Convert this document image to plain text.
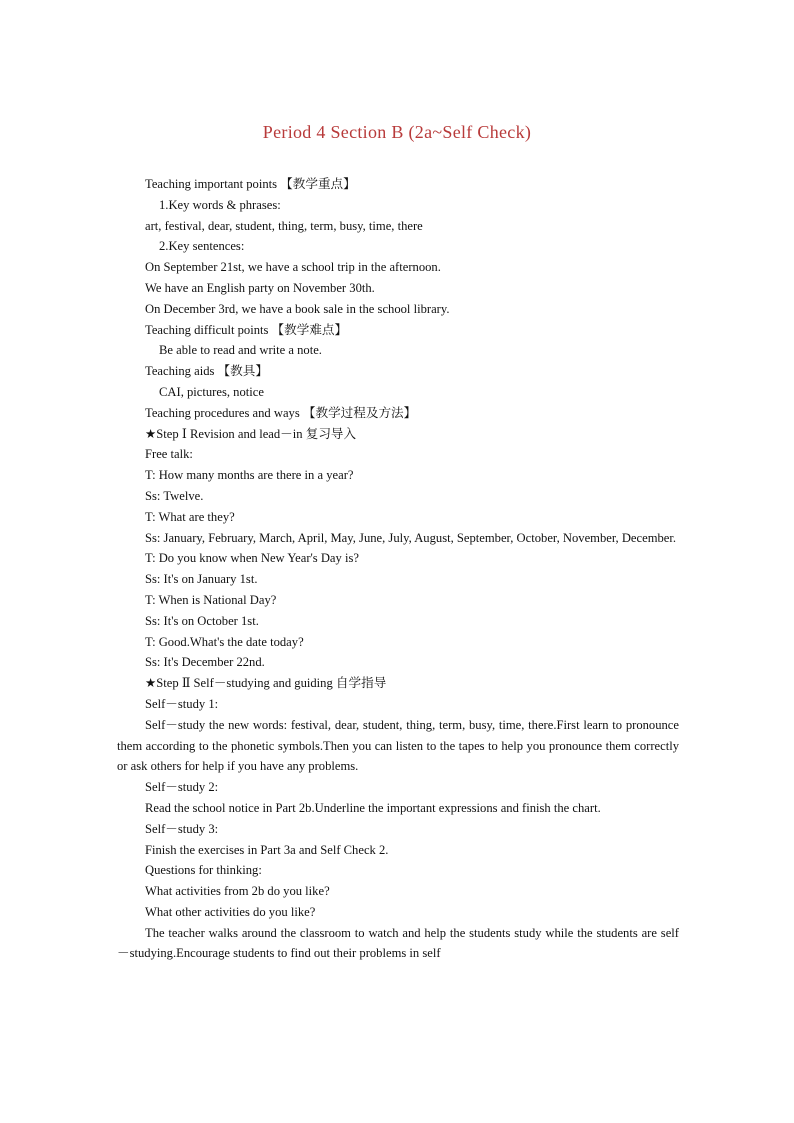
Period 4 Section B (2a~Self Check)

Teaching important points 【教学重点】

1.Key words & phrases:

art, festival, dear, student, thing, term, busy, time, there

2.Key sentences:

On September 21st, we have a school trip in the afternoon.

We have an English party on November 30th.

On December 3rd, we have a book sale in the school library.

Teaching difficult points 【教学难点】

Be able to read and write a note.

Teaching aids 【教具】

CAI, pictures, notice

Teaching procedures and ways 【教学过程及方法】

★Step Ⅰ Revision and lead－in 复习导入

Free talk:

T: How many months are there in a year?

Ss: Twelve.

T: What are they?

Ss: January, February, March, April, May, June, July, August, September, October, November, December.

T: Do you know when New Year's Day is?

Ss: It's on January 1st.

T: When is National Day?

Ss: It's on October 1st.

T: Good.What's the date today?

Ss: It's December 22nd.

★Step Ⅱ Self－studying and guiding 自学指导

Self－study 1:

Self－study the new words: festival, dear, student, thing, term, busy, time, there.First learn to pronounce them according to the phonetic symbols.Then you can listen to the tapes to help you pronounce them correctly or ask others for help if you have any problems.

Self－study 2:

Read the school notice in Part 2b.Underline the important expressions and finish the chart.

Self－study 3:

Finish the exercises in Part 3a and Self Check 2.

Questions for thinking:

What activities from 2b do you like?

What other activities do you like?

The teacher walks around the classroom to watch and help the students study while the students are self－studying.Encourage students to find out their problems in self
